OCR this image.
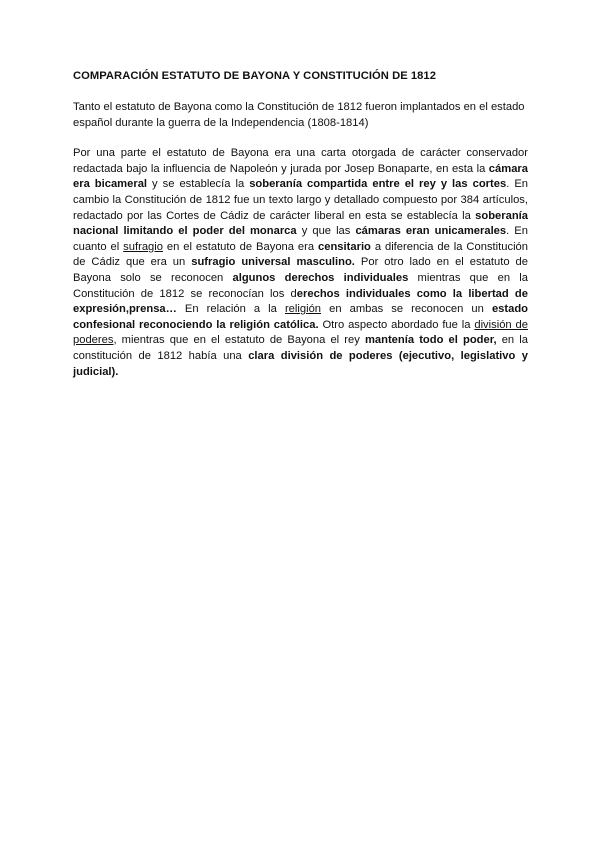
COMPARACIÓN ESTATUTO DE BAYONA Y CONSTITUCIÓN DE 1812

Tanto el estatuto de Bayona como la Constitución de 1812 fueron implantados en el estado español durante la guerra de la Independencia (1808-1814)

Por una parte el estatuto de Bayona era una carta otorgada de carácter conservador redactada bajo la influencia de Napoleón y jurada por Josep Bonaparte, en esta la cámara era bicameral y se establecía la soberanía compartida entre el rey y las cortes. En cambio la Constitución de 1812 fue un texto largo y detallado compuesto por 384 artículos, redactado por las Cortes de Cádiz de carácter liberal en esta se establecía la soberanía nacional limitando el poder del monarca y que las cámaras eran unicamerales. En cuanto el sufragio en el estatuto de Bayona era censitario a diferencia de la Constitución de Cádiz que era un sufragio universal masculino. Por otro lado en el estatuto de Bayona solo se reconocen algunos derechos individuales mientras que en la Constitución de 1812 se reconocían los derechos individuales como la libertad de expresión,prensa… En relación a la religión en ambas se reconocen un estado confesional reconociendo la religión católica. Otro aspecto abordado fue la división de poderes, mientras que en el estatuto de Bayona el rey mantenía todo el poder, en la constitución de 1812 había una clara división de poderes (ejecutivo, legislativo y judicial).
